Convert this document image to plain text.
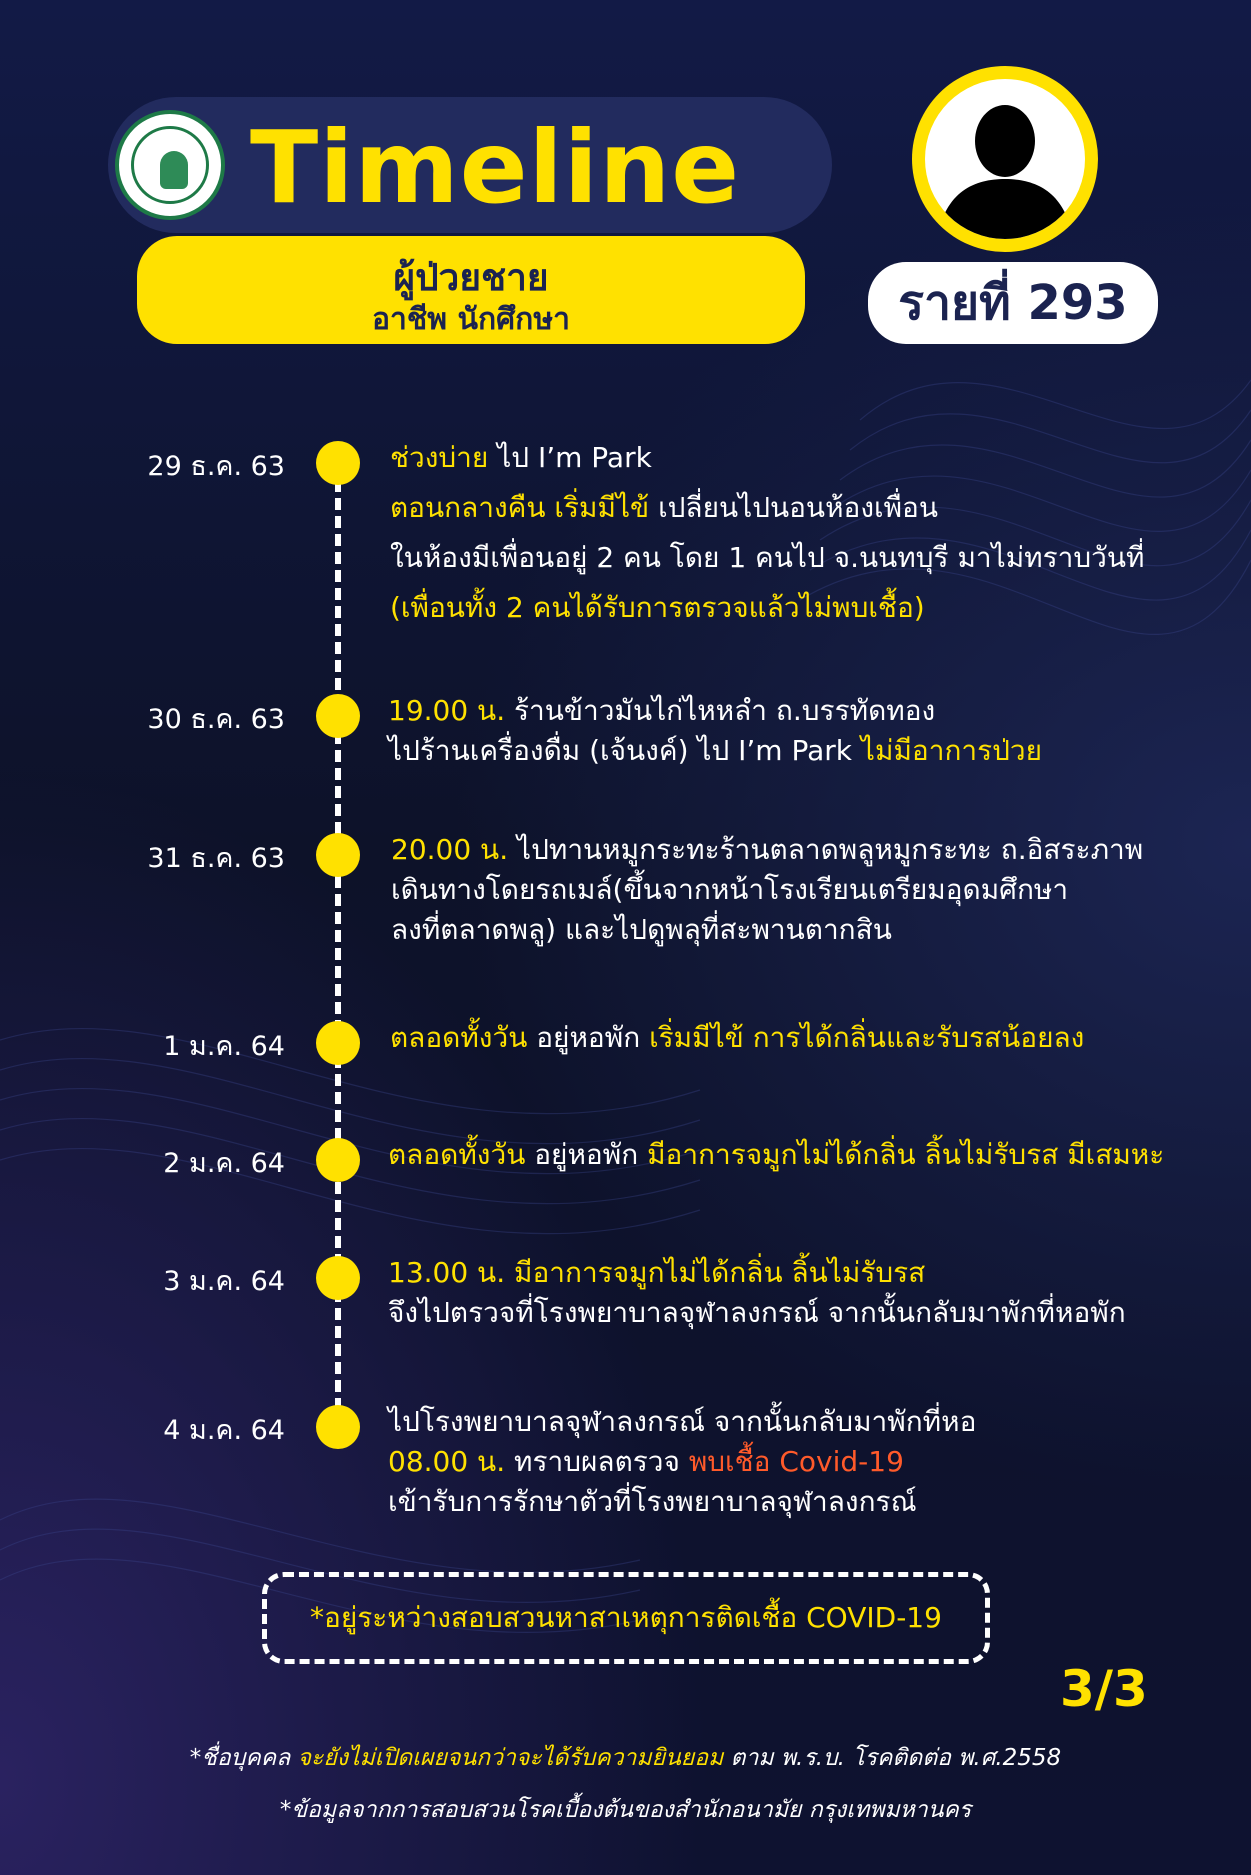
Timeline
ผู้ป่วยชาย
อาชีพ นักศึกษา	รายที่ 293
29 ธ.ค. 63	ช่วงบ่าย ไป I’m Park
ตอนกลางคืน เริ่มมีไข้ เปลี่ยนไปนอนห้องเพื่อน
ในห้องมีเพื่อนอยู่ 2 คน โดย 1 คนไป จ.นนทบุรี มาไม่ทราบวันที่
(เพื่อนทั้ง 2 คนได้รับการตรวจแล้วไม่พบเชื้อ)
30 ธ.ค. 63	19.00 น. ร้านข้าวมันไก่ไหหลำ ถ.บรรทัดทอง
ไปร้านเครื่องดื่ม (เจ้นงค์) ไป I’m Park ไม่มีอาการป่วย
31 ธ.ค. 63	20.00 น. ไปทานหมูกระทะร้านตลาดพลูหมูกระทะ ถ.อิสระภาพ
เดินทางโดยรถเมล์(ขึ้นจากหน้าโรงเรียนเตรียมอุดมศึกษา
ลงที่ตลาดพลู) และไปดูพลุที่สะพานตากสิน
1 ม.ค. 64	ตลอดทั้งวัน อยู่หอพัก เริ่มมีไข้ การได้กลิ่นและรับรสน้อยลง
2 ม.ค. 64	ตลอดทั้งวัน อยู่หอพัก มีอาการจมูกไม่ได้กลิ่น ลิ้นไม่รับรส มีเสมหะ
3 ม.ค. 64	13.00 น. มีอาการจมูกไม่ได้กลิ่น ลิ้นไม่รับรส
จึงไปตรวจที่โรงพยาบาลจุฬาลงกรณ์ จากนั้นกลับมาพักที่หอพัก
4 ม.ค. 64	ไปโรงพยาบาลจุฬาลงกรณ์ จากนั้นกลับมาพักที่หอ
08.00 น. ทราบผลตรวจ พบเชื้อ Covid-19
เข้ารับการรักษาตัวที่โรงพยาบาลจุฬาลงกรณ์
*อยู่ระหว่างสอบสวนหาสาเหตุการติดเชื้อ COVID-19
3/3
*ชื่อบุคคล จะยังไม่เปิดเผยจนกว่าจะได้รับความยินยอม ตาม พ.ร.บ. โรคติดต่อ พ.ศ.2558
*ข้อมูลจากการสอบสวนโรคเบื้องต้นของสำนักอนามัย กรุงเทพมหานคร
